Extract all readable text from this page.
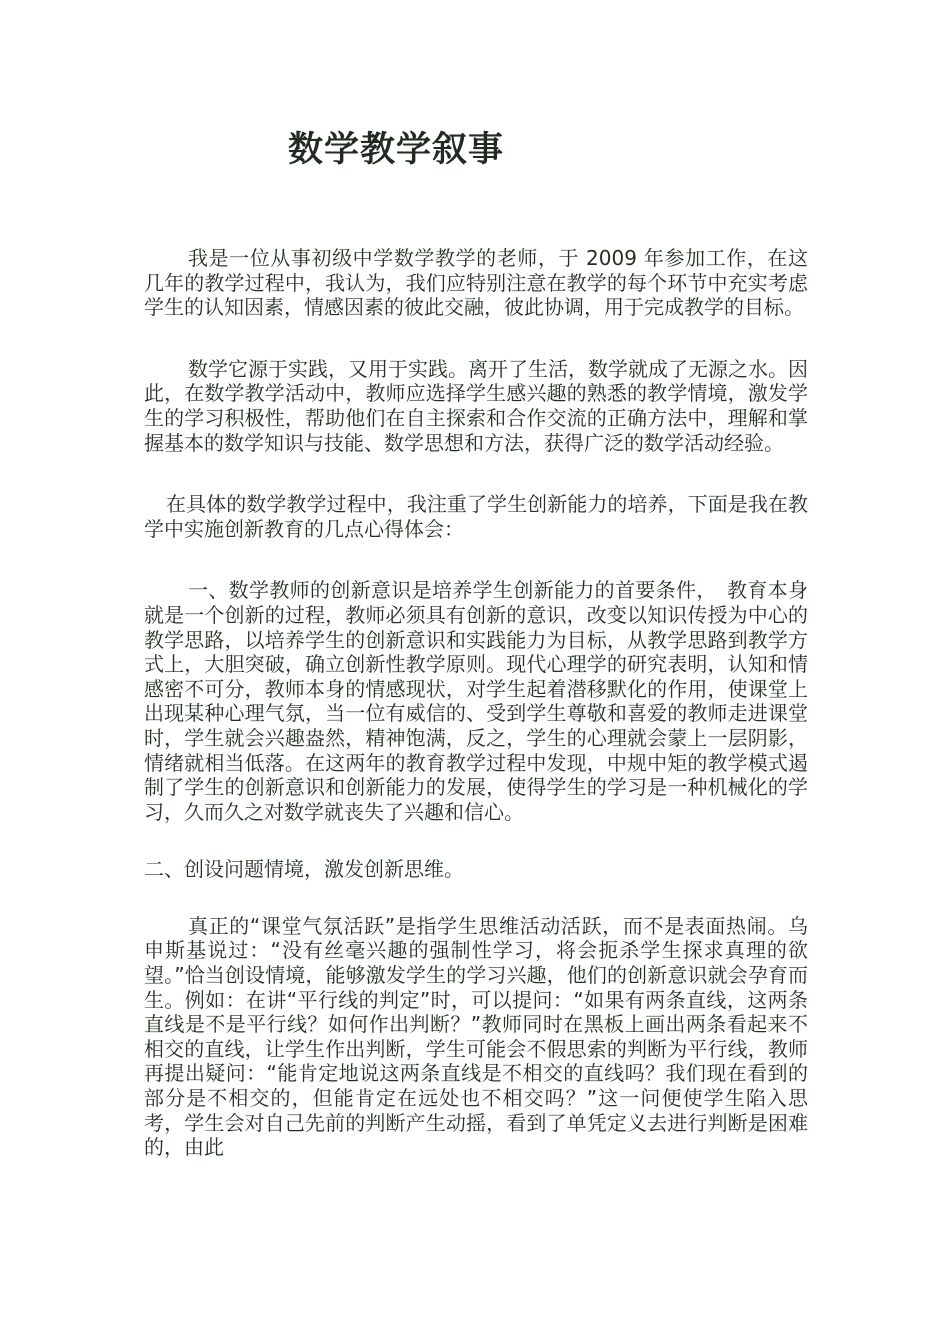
数学教学叙事

我是一位从事初级中学数学教学的老师，于 2009 年参加工作，在这几年的教学过程中，我认为，我们应特别注意在教学的每个环节中充实考虑学生的认知因素，情感因素的彼此交融，彼此协调，用于完成教学的目标。

数学它源于实践，又用于实践。离开了生活，数学就成了无源之水。因此，在数学教学活动中，教师应选择学生感兴趣的熟悉的教学情境，激发学生的学习积极性，帮助他们在自主探索和合作交流的正确方法中，理解和掌握基本的数学知识与技能、数学思想和方法，获得广泛的数学活动经验。

在具体的数学教学过程中，我注重了学生创新能力的培养，下面是我在教学中实施创新教育的几点心得体会：

一、数学教师的创新意识是培养学生创新能力的首要条件，　教育本身就是一个创新的过程，教师必须具有创新的意识，改变以知识传授为中心的教学思路，以培养学生的创新意识和实践能力为目标，从教学思路到教学方式上，大胆突破，确立创新性教学原则。现代心理学的研究表明，认知和情感密不可分，教师本身的情感现状，对学生起着潜移默化的作用，使课堂上出现某种心理气氛，当一位有威信的、受到学生尊敬和喜爱的教师走进课堂时，学生就会兴趣盎然，精神饱满，反之，学生的心理就会蒙上一层阴影，情绪就相当低落。在这两年的教育教学过程中发现，中规中矩的教学模式遏制了学生的创新意识和创新能力的发展，使得学生的学习是一种机械化的学习，久而久之对数学就丧失了兴趣和信心。

二、创设问题情境，激发创新思维。

真正的“课堂气氛活跃”是指学生思维活动活跃，而不是表面热闹。乌申斯基说过：“没有丝毫兴趣的强制性学习，将会扼杀学生探求真理的欲望。”恰当创设情境，能够激发学生的学习兴趣，他们的创新意识就会孕育而生。例如：在讲“平行线的判定”时，可以提问：“如果有两条直线，这两条直线是不是平行线？如何作出判断？”教师同时在黑板上画出两条看起来不相交的直线，让学生作出判断，学生可能会不假思索的判断为平行线，教师再提出疑问：“能肯定地说这两条直线是不相交的直线吗？我们现在看到的部分是不相交的，但能肯定在远处也不相交吗？”这一问便使学生陷入思考，学生会对自己先前的判断产生动摇，看到了单凭定义去进行判断是困难的，由此
